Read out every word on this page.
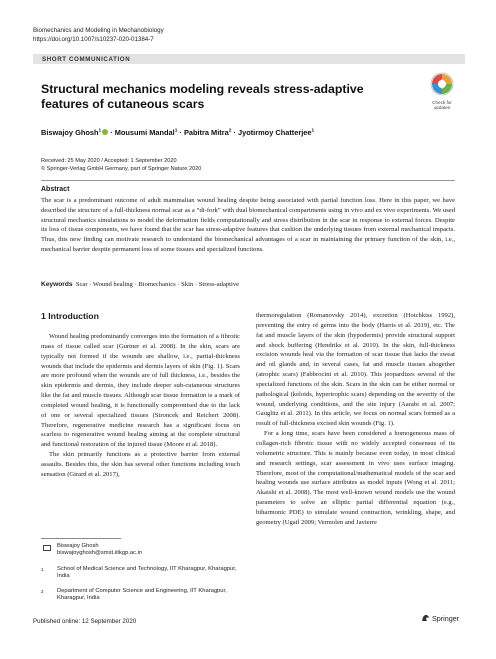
Biomechanics and Modeling in Mechanobiology
https://doi.org/10.1007/s10237-020-01384-7
SHORT COMMUNICATION
Check for
updates
Structural mechanics modeling reveals stress-adaptive features of cutaneous scars
Biswajoy Ghosh$^1$ · Mousumi Mandal$^1$ · Pabitra Mitra$^2$ · Jyotirmoy Chatterjee$^1$
Received: 25 May 2020 / Accepted: 1 September 2020
© Springer-Verlag GmbH Germany, part of Springer Nature 2020
Abstract
The scar is a predominant outcome of adult mammalian wound healing despite being associated with partial function loss. Here in this paper, we have described the structure of a full-thickness normal scar as a “di-fork” with dual biomechanical compartments using in vivo and ex vivo experiments. We used structural mechanics simulations to model the deformation fields computationally and stress distribution in the scar in response to external forces. Despite its loss of tissue components, we have found that the scar has stress-adaptive features that cushion the underlying tissues from external mechanical impacts. Thus, this new finding can motivate research to understand the biomechanical advantages of a scar in maintaining the primary function of the skin, i.e., mechanical barrier despite permanent loss of some tissues and specialized functions.
Keywords Scar · Wound healing · Biomechanics · Skin · Stress-adaptive
1 Introduction

Wound healing predominantly converges into the formation of a fibrotic mass of tissue called scar (Gurtner et al. 2008). In the skin, scars are typically not formed if the wounds are shallow, i.e., partial-thickness wounds that include the epidermis and dermis layers of skin (Fig. 1). Scars are more profound when the wounds are of full thickness, i.e., besides the skin epidermis and dermis, they include deeper sub-cutaneous structures like the fat and muscle tissues. Although scar tissue formation is a mark of completed wound healing, it is functionally compromised due to the lack of one or several specialized tissues (Stroncek and Reichert 2008). Therefore, regenerative medicine research has a significant focus on scarless to regenerative wound healing aiming at the complete structural and functional restoration of the injured tissue (Moore et al. 2018).

The skin primarily functions as a protective barrier from external assaults. Besides this, the skin has several other functions including touch sensation (Girard et al. 2017),

thermoregulation (Romanovsky 2014), excretion (Hotchkiss 1992), preventing the entry of germs into the body (Harris et al. 2019), etc. The fat and muscle layers of the skin (hypodermis) provide structural support and shock buffering (Hendriks et al. 2010). In the skin, full-thickness excision wounds heal via the formation of scar tissue that lacks the sweat and oil glands and, in several cases, fat and muscle tissues altogether (atrophic scars) (Fabbrocini et al. 2010). This jeopardizes several of the specialized functions of the skin. Scars in the skin can be either normal or pathological (keloids, hypertrophic scars) depending on the severity of the wound, underlying conditions, and the site injury (Aarabi et al. 2007; Gauglitz et al. 2011). In this article, we focus on normal scars formed as a result of full-thickness excised skin wounds (Fig. 1).

For a long time, scars have been considered a homogeneous mass of collagen-rich fibrotic tissue with no widely accepted consensus of its volumetric structure. This is mainly because even today, in most clinical and research settings, scar assessment in vivo uses surface imaging. Therefore, most of the computational/mathematical models of the scar and healing wounds use surface attributes as model inputs (Wong et al. 2011; Akaishi et al. 2008). The most well-known wound models use the wound parameters to solve an elliptic partial differential equation (e.g., biharmonic PDE) to simulate wound contraction, wrinkling, shape, and geometry (Ugail 2009; Vermolen and Javierre

Biswajoy Ghosh
biswajoyghosh@smst.iitkgp.ac.in
1 School of Medical Science and Technology, IIT Kharagpur, Kharagpur, India
2 Department of Computer Science and Engineering, IIT Kharagpur, Kharagpur, India
Published online: 12 September 2020	Springer
